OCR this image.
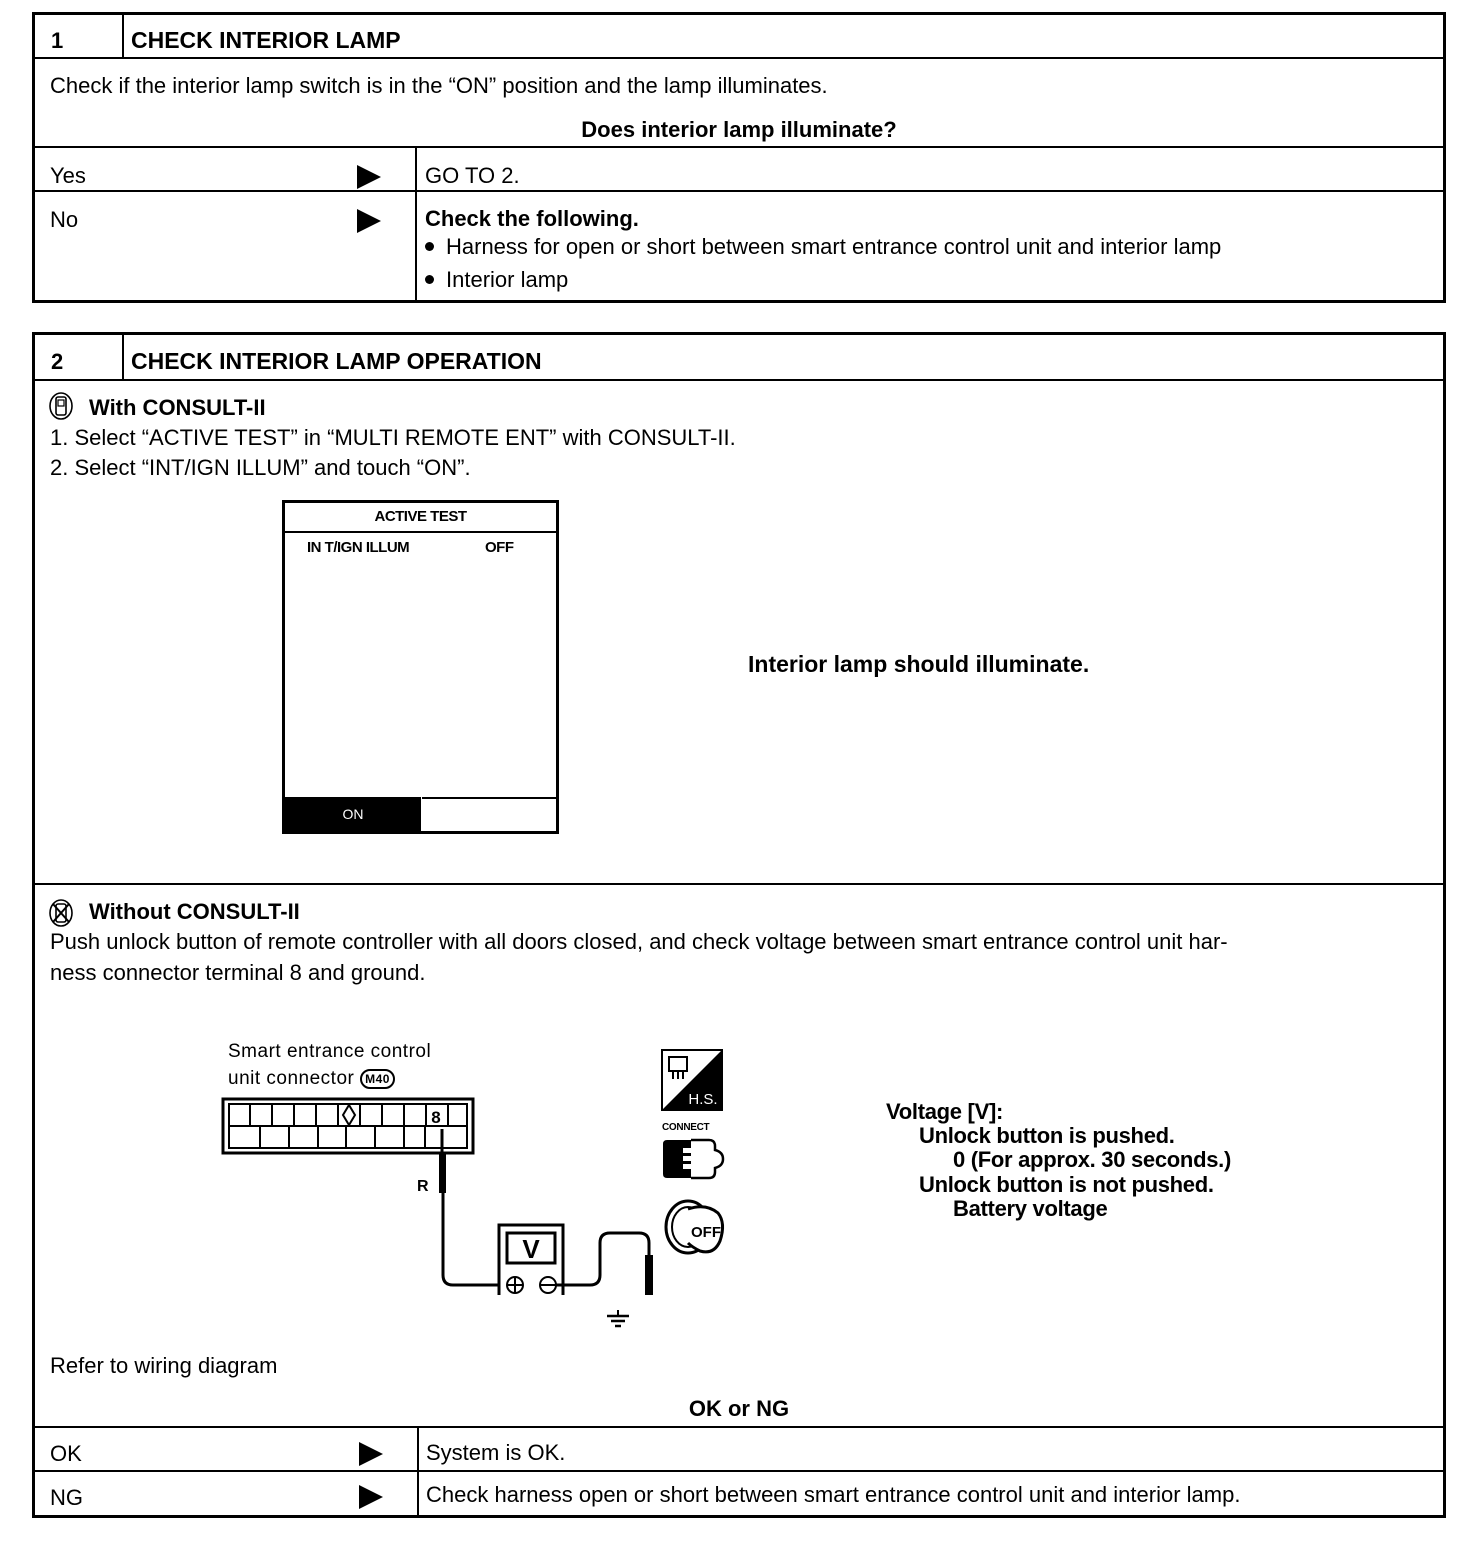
1	CHECK INTERIOR LAMP
Check if the interior lamp switch is in the “ON” position and the lamp illuminates.
Does interior lamp illuminate?
Yes	GO TO 2.
No	Check the following.
Harness for open or short between smart entrance control unit and interior lamp
Interior lamp
2	CHECK INTERIOR LAMP OPERATION
With CONSULT-II
1. Select “ACTIVE TEST” in “MULTI REMOTE ENT” with CONSULT-II.
2. Select “INT/IGN ILLUM” and touch “ON”.
ACTIVE TEST
IN T/IGN ILLUM	OFF
ON
Interior lamp should illuminate.
Without CONSULT-II
Push unlock button of remote controller with all doors closed, and check voltage between smart entrance control unit har-
ness connector terminal 8 and ground.
Smart entrance control
unit connector M40
8
R
V
H.S.
CONNECT
OFF
Voltage [V]:
Unlock button is pushed.
0 (For approx. 30 seconds.)
Unlock button is not pushed.
Battery voltage
Refer to wiring diagram
OK or NG
OK	System is OK.
NG	Check harness open or short between smart entrance control unit and interior lamp.
